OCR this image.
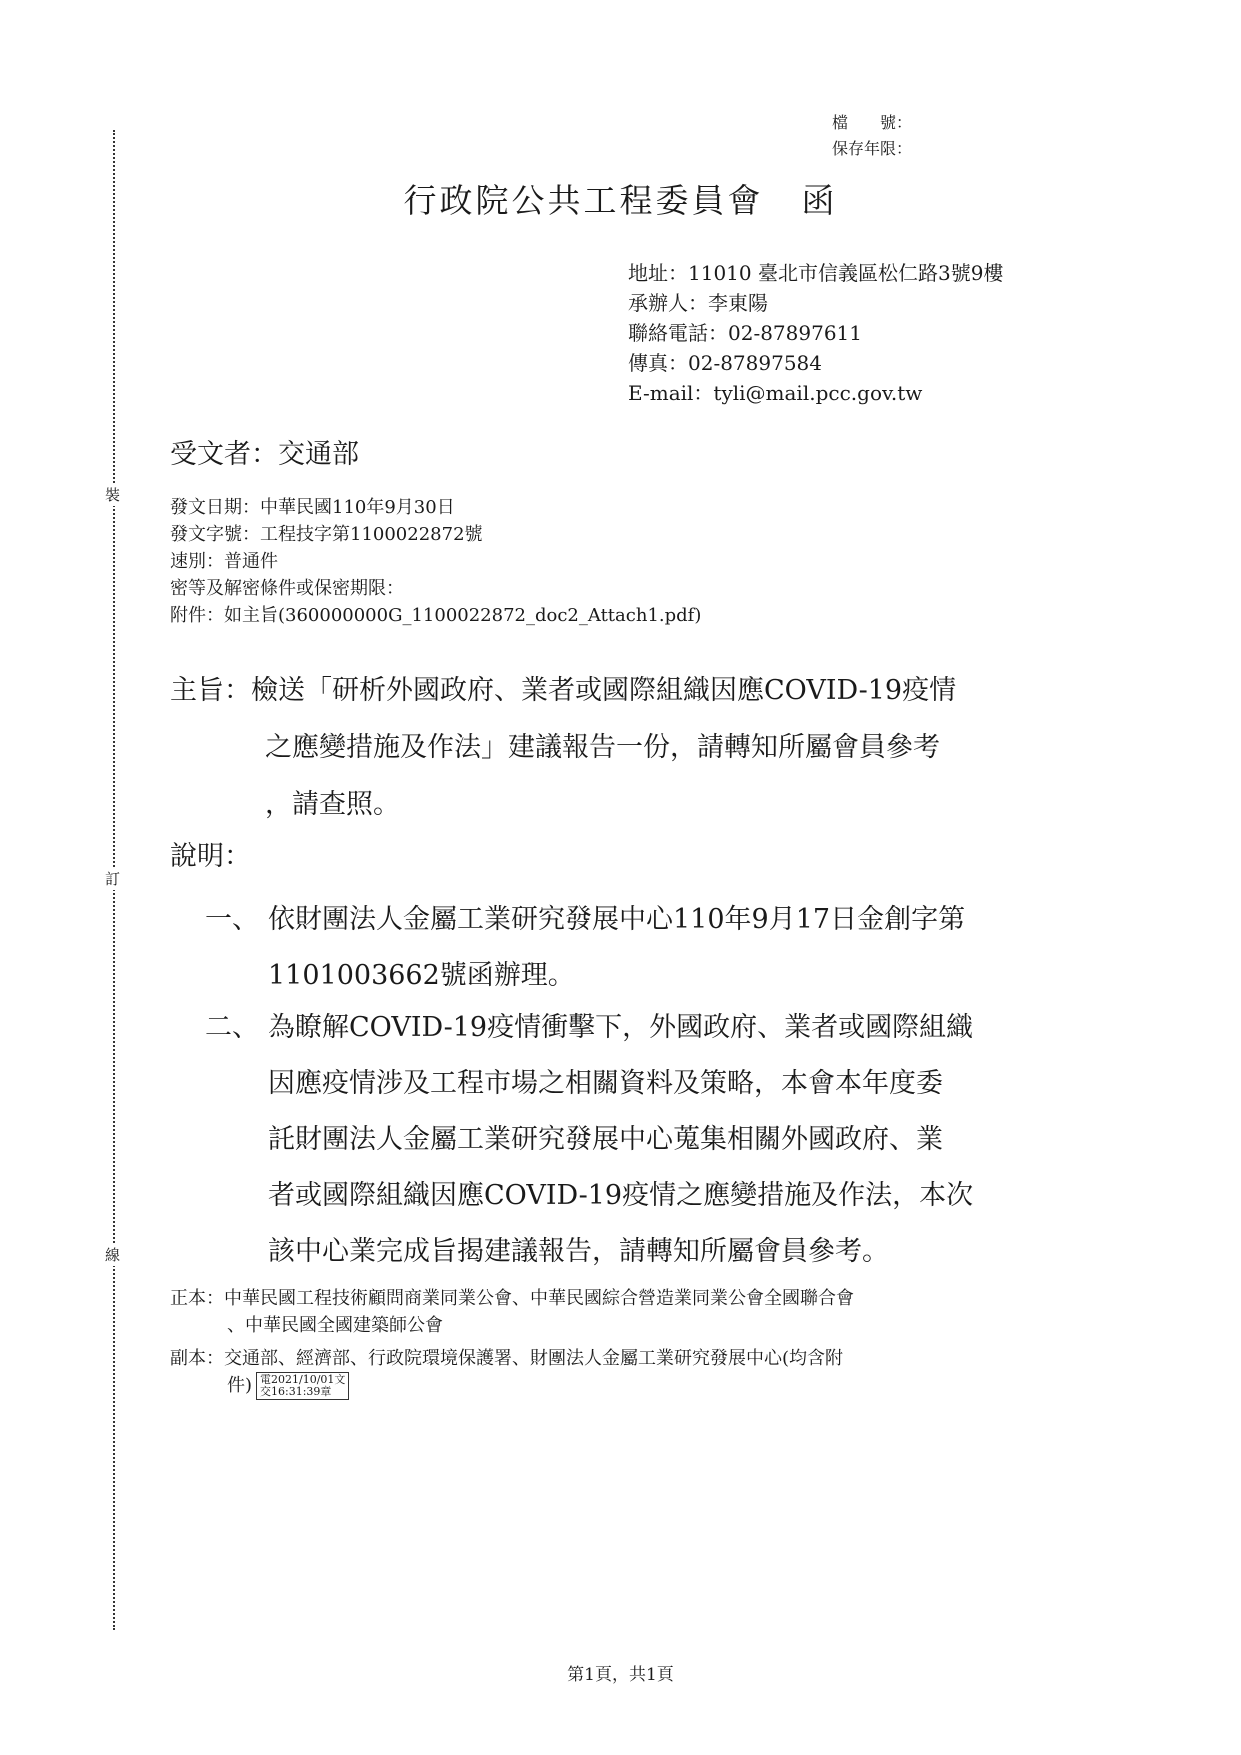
裝
訂
線
檔　　號：
保存年限：
行政院公共工程委員會 函
地址：11010 臺北市信義區松仁路3號9樓
承辦人：李東陽
聯絡電話：02-87897611
傳真：02-87897584
E-mail：tyli@mail.pcc.gov.tw
受文者：交通部
發文日期：中華民國110年9月30日
發文字號：工程技字第1100022872號
速別：普通件
密等及解密條件或保密期限：
附件：如主旨(360000000G_1100022872_doc2_Attach1.pdf)
主旨：檢送「研析外國政府、業者或國際組織因應COVID-19疫情
之應變措施及作法」建議報告一份，請轉知所屬會員參考
，請查照。
說明：
一、 依財團法人金屬工業研究發展中心110年9月17日金創字第
1101003662號函辦理。
二、 為瞭解COVID-19疫情衝擊下，外國政府、業者或國際組織
因應疫情涉及工程市場之相關資料及策略，本會本年度委
託財團法人金屬工業研究發展中心蒐集相關外國政府、業
者或國際組織因應COVID-19疫情之應變措施及作法，本次
該中心業完成旨揭建議報告，請轉知所屬會員參考。
正本：中華民國工程技術顧問商業同業公會、中華民國綜合營造業同業公會全國聯合會
、中華民國全國建築師公會
副本：交通部、經濟部、行政院環境保護署、財團法人金屬工業研究發展中心(均含附
件) 電2021/10/01文
交16:31:39章
第1頁，共1頁
